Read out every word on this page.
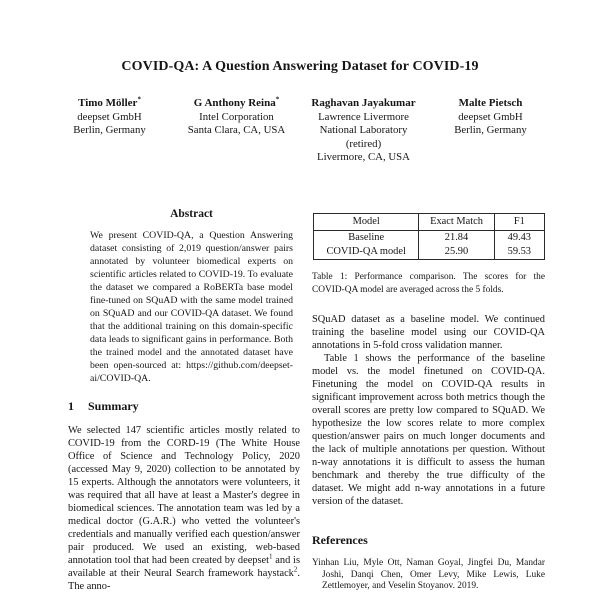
COVID-QA: A Question Answering Dataset for COVID-19
Timo Möller*
deepset GmbH
Berlin, Germany
G Anthony Reina*
Intel Corporation
Santa Clara, CA, USA
Raghavan Jayakumar
Lawrence Livermore
National Laboratory
(retired)
Livermore, CA, USA
Malte Pietsch
deepset GmbH
Berlin, Germany
Abstract

We present COVID-QA, a Question Answering dataset consisting of 2,019 question/answer pairs annotated by volunteer biomedical experts on scientific articles related to COVID-19. To evaluate the dataset we compared a RoBERTa base model fine-tuned on SQuAD with the same model trained on SQuAD and our COVID-QA dataset. We found that the additional training on this domain-specific data leads to significant gains in performance. Both the trained model and the annotated dataset have been open-sourced at: https://github.com/deepset-ai/COVID-QA.

1 Summary

We selected 147 scientific articles mostly related to COVID-19 from the CORD-19 (The White House Office of Science and Technology Policy, 2020 (accessed May 9, 2020) collection to be annotated by 15 experts. Although the annotators were volunteers, it was required that all have at least a Master's degree in biomedical sciences. The annotation team was led by a medical doctor (G.A.R.) who vetted the volunteer's credentials and manually verified each question/answer pair produced. We used an existing, web-based annotation tool that had been created by deepset$^1$ and is available at their Neural Search framework haystack$^2$. The anno-

Model	Exact Match	F1
Baseline	21.84	49.43
COVID-QA model	25.90	59.53

Table 1: Performance comparison. The scores for the COVID-QA model are averaged across the 5 folds.

SQuAD dataset as a baseline model. We continued training the baseline model using our COVID-QA annotations in 5-fold cross validation manner.

Table 1 shows the performance of the baseline model vs. the model finetuned on COVID-QA. Finetuning the model on COVID-QA results in significant improvement across both metrics though the overall scores are pretty low compared to SQuAD. We hypothesize the low scores relate to more complex question/answer pairs on much longer documents and the lack of multiple annotations per question. Without n-way annotations it is difficult to assess the human benchmark and thereby the true difficulty of the dataset. We might add n-way annotations in a future version of the dataset.

References

Yinhan Liu, Myle Ott, Naman Goyal, Jingfei Du, Mandar Joshi, Danqi Chen, Omer Levy, Mike Lewis, Luke Zettlemoyer, and Veselin Stoyanov. 2019.
